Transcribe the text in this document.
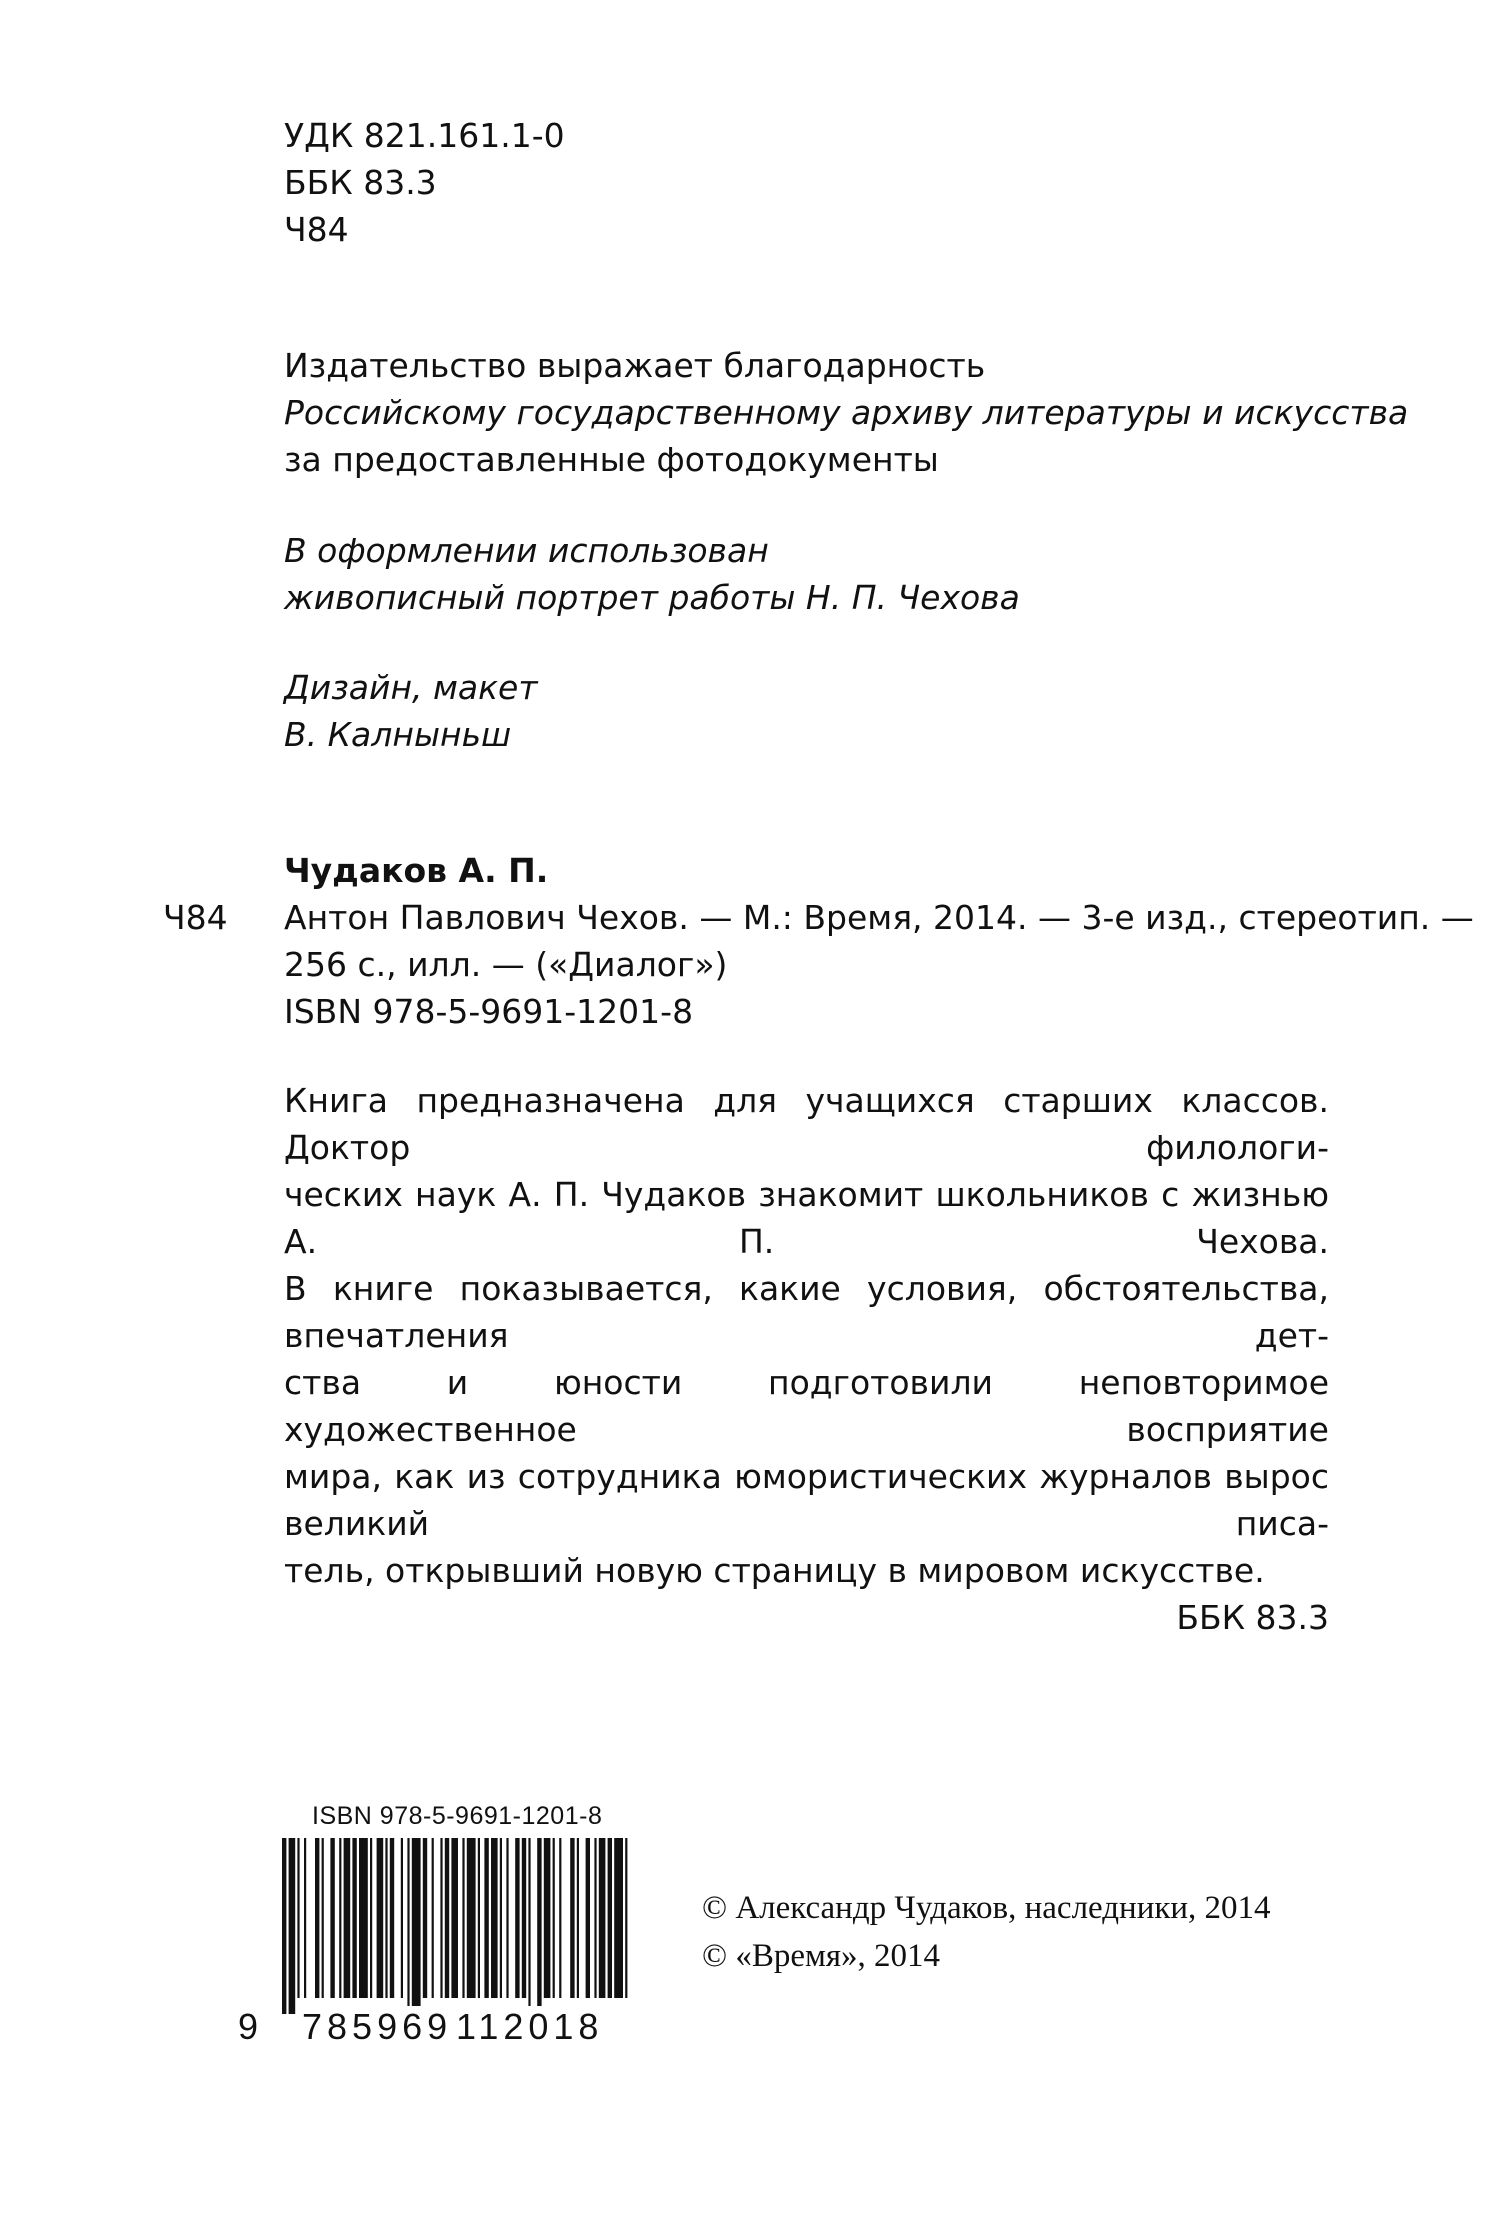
УДК 821.161.1-0
ББК 83.3
Ч84
Издательство выражает благодарность
Российскому государственному архиву литературы и искусства
за предоставленные фотодокументы
В оформлении использован
живописный портрет работы Н. П. Чехова
Дизайн, макет
В. Калныньш
Чудаков А. П.
Антон Павлович Чехов. — М.: Время, 2014. — 3-е изд., стереотип. —
256 с., илл. — («Диалог»)
ISBN 978-5-9691-1201-8
Ч84
Книга предназначена для учащихся старших классов. Доктор филологи-
ческих наук А. П. Чудаков знакомит школьников с жизнью А. П. Чехова.
В книге показывается, какие условия, обстоятельства, впечатления дет-
ства и юности подготовили неповторимое художественное восприятие
мира, как из сотрудника юмористических журналов вырос великий писа-
тель, открывший новую страницу в мировом искусстве.
ББК 83.3
ISBN 978-5-9691-1201-8
9 785969 112018
© Александр Чудаков, наследники, 2014
© «Время», 2014
